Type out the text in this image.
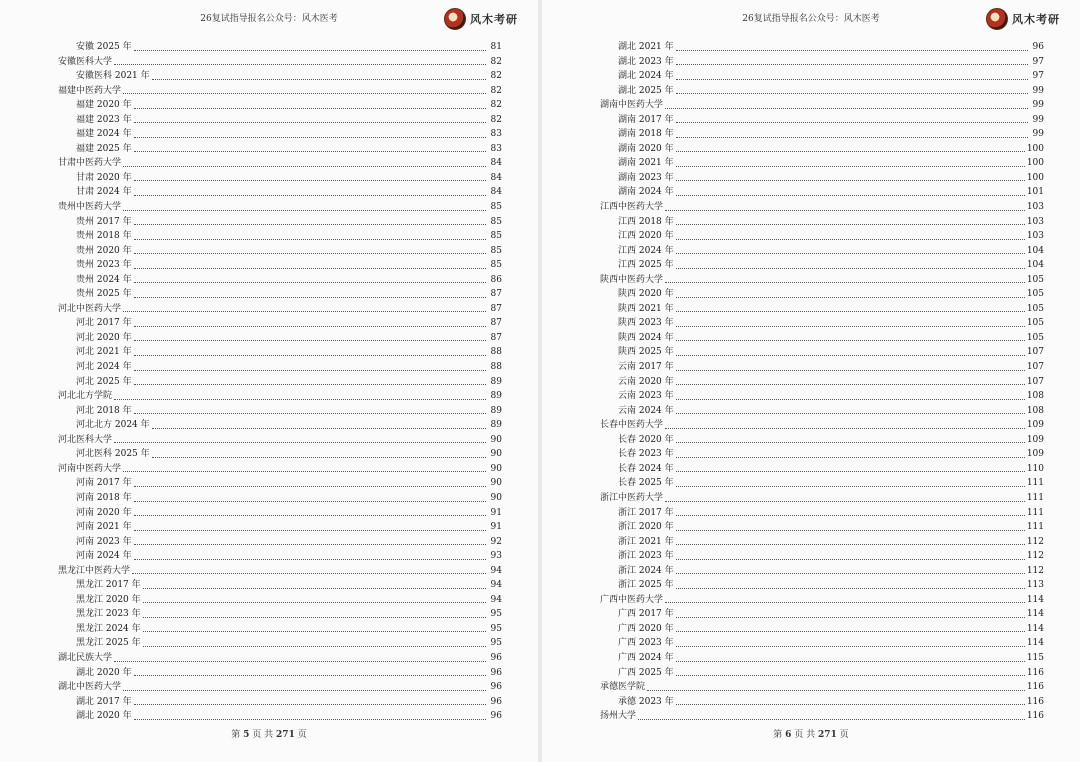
26复试指导报名公众号：风木医考	风木考研
安徽 2025 年	81
安徽医科大学	82
安徽医科 2021 年	82
福建中医药大学	82
福建 2020 年	82
福建 2023 年	82
福建 2024 年	83
福建 2025 年	83
甘肃中医药大学	84
甘肃 2020 年	84
甘肃 2024 年	84
贵州中医药大学	85
贵州 2017 年	85
贵州 2018 年	85
贵州 2020 年	85
贵州 2023 年	85
贵州 2024 年	86
贵州 2025 年	87
河北中医药大学	87
河北 2017 年	87
河北 2020 年	87
河北 2021 年	88
河北 2024 年	88
河北 2025 年	89
河北北方学院	89
河北 2018 年	89
河北北方 2024 年	89
河北医科大学	90
河北医科 2025 年	90
河南中医药大学	90
河南 2017 年	90
河南 2018 年	90
河南 2020 年	91
河南 2021 年	91
河南 2023 年	92
河南 2024 年	93
黑龙江中医药大学	94
黑龙江 2017 年	94
黑龙江 2020 年	94
黑龙江 2023 年	95
黑龙江 2024 年	95
黑龙江 2025 年	95
湖北民族大学	96
湖北 2020 年	96
湖北中医药大学	96
湖北 2017 年	96
湖北 2020 年	96
第 5 页 共 271 页
26复试指导报名公众号：风木医考	风木考研
湖北 2021 年	96
湖北 2023 年	97
湖北 2024 年	97
湖北 2025 年	99
湖南中医药大学	99
湖南 2017 年	99
湖南 2018 年	99
湖南 2020 年	100
湖南 2021 年	100
湖南 2023 年	100
湖南 2024 年	101
江西中医药大学	103
江西 2018 年	103
江西 2020 年	103
江西 2024 年	104
江西 2025 年	104
陕西中医药大学	105
陕西 2020 年	105
陕西 2021 年	105
陕西 2023 年	105
陕西 2024 年	105
陕西 2025 年	107
云南 2017 年	107
云南 2020 年	107
云南 2023 年	108
云南 2024 年	108
长春中医药大学	109
长春 2020 年	109
长春 2023 年	109
长春 2024 年	110
长春 2025 年	111
浙江中医药大学	111
浙江 2017 年	111
浙江 2020 年	111
浙江 2021 年	112
浙江 2023 年	112
浙江 2024 年	112
浙江 2025 年	113
广西中医药大学	114
广西 2017 年	114
广西 2020 年	114
广西 2023 年	114
广西 2024 年	115
广西 2025 年	116
承德医学院	116
承德 2023 年	116
扬州大学	116
第 6 页 共 271 页
